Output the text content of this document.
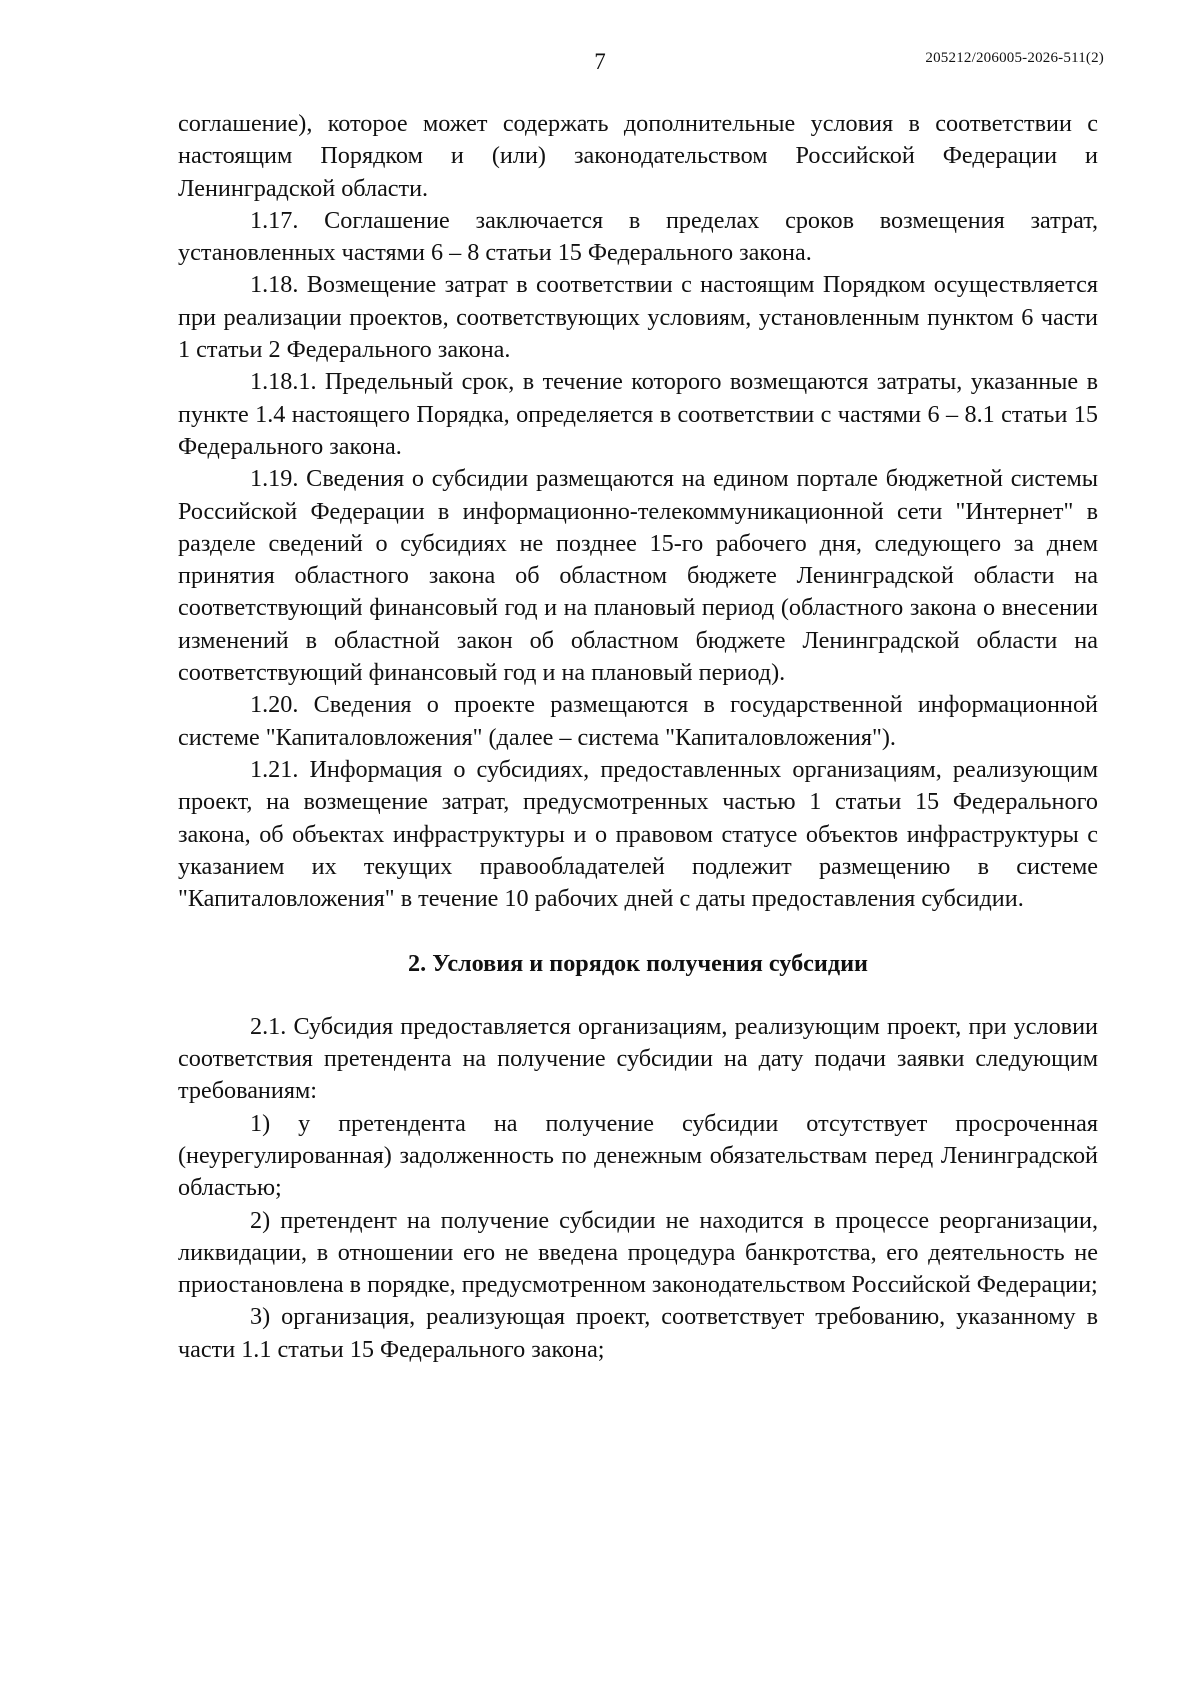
7	205212/206005-2026-511(2)

соглашение), которое может содержать дополнительные условия в соответствии с настоящим Порядком и (или) законодательством Российской Федерации и Ленинградской области.

1.17. Соглашение заключается в пределах сроков возмещения затрат, установленных частями 6 – 8 статьи 15 Федерального закона.

1.18. Возмещение затрат в соответствии с настоящим Порядком осуществляется при реализации проектов, соответствующих условиям, установленным пунктом 6 части 1 статьи 2 Федерального закона.

1.18.1. Предельный срок, в течение которого возмещаются затраты, указанные в пункте 1.4 настоящего Порядка, определяется в соответствии с частями 6 – 8.1 статьи 15 Федерального закона.

1.19. Сведения о субсидии размещаются на едином портале бюджетной системы Российской Федерации в информационно-телекоммуникационной сети "Интернет" в разделе сведений о субсидиях не позднее 15-го рабочего дня, следующего за днем принятия областного закона об областном бюджете Ленинградской области на соответствующий финансовый год и на плановый период (областного закона о внесении изменений в областной закон об областном бюджете Ленинградской области на соответствующий финансовый год и на плановый период).

1.20. Сведения о проекте размещаются в государственной информационной системе "Капиталовложения" (далее – система "Капиталовложения").

1.21. Информация о субсидиях, предоставленных организациям, реализующим проект, на возмещение затрат, предусмотренных частью 1 статьи 15 Федерального закона, об объектах инфраструктуры и о правовом статусе объектов инфраструктуры с указанием их текущих правообладателей подлежит размещению в системе "Капиталовложения" в течение 10 рабочих дней с даты предоставления субсидии.

2. Условия и порядок получения субсидии

2.1. Субсидия предоставляется организациям, реализующим проект, при условии соответствия претендента на получение субсидии на дату подачи заявки следующим требованиям:

1) у претендента на получение субсидии отсутствует просроченная (неурегулированная) задолженность по денежным обязательствам перед Ленинградской областью;

2) претендент на получение субсидии не находится в процессе реорганизации, ликвидации, в отношении его не введена процедура банкротства, его деятельность не приостановлена в порядке, предусмотренном законодательством Российской Федерации;

3) организация, реализующая проект, соответствует требованию, указанному в части 1.1 статьи 15 Федерального закона;
